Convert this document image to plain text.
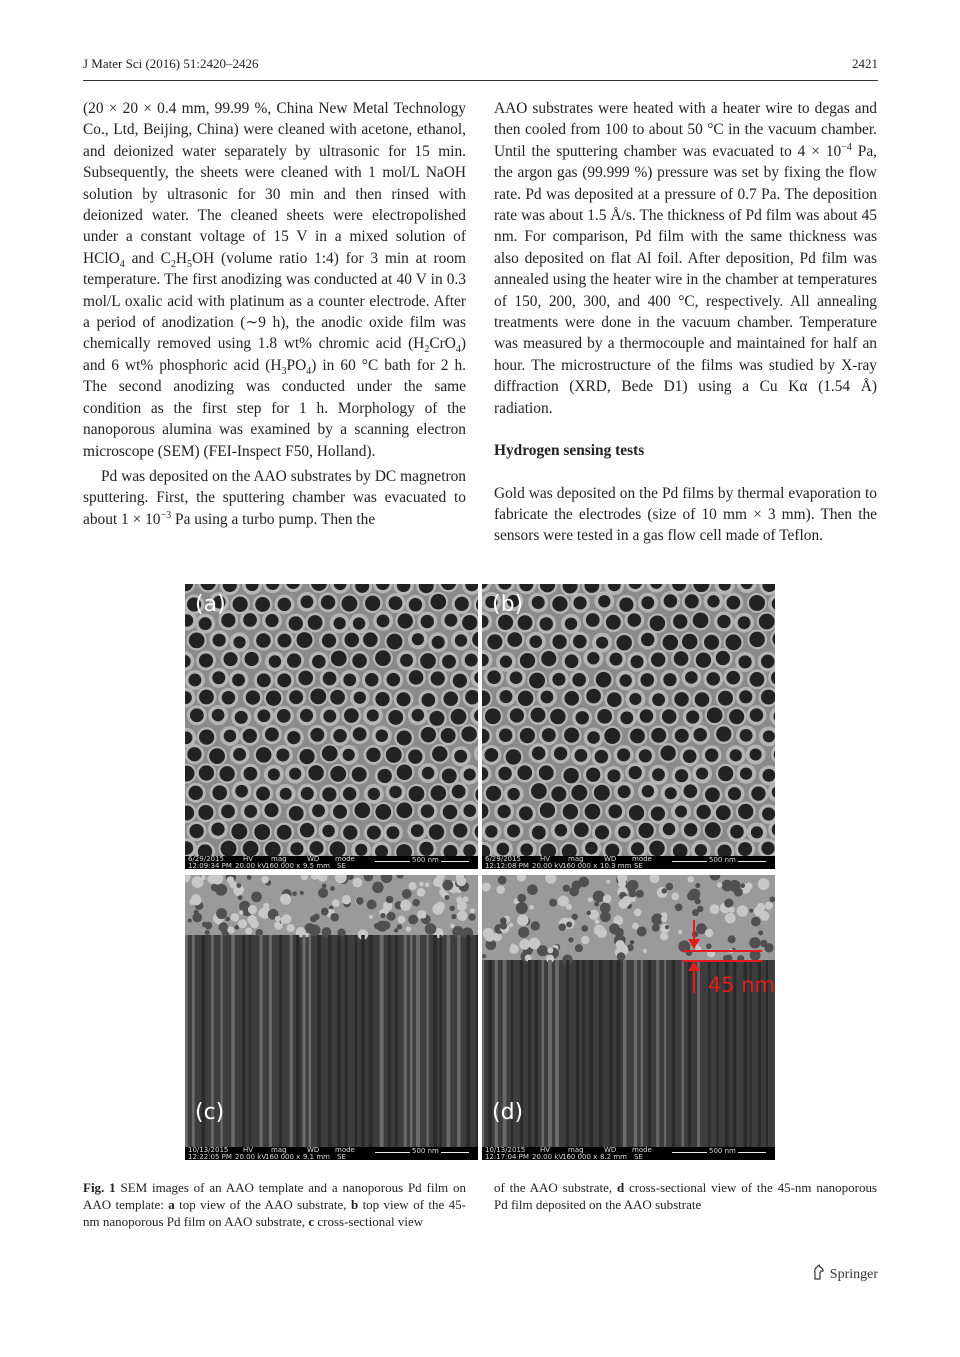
J Mater Sci (2016) 51:2420–2426	2421

(20 × 20 × 0.4 mm, 99.99 %, China New Metal Technology Co., Ltd, Beijing, China) were cleaned with acetone, ethanol, and deionized water separately by ultrasonic for 15 min. Subsequently, the sheets were cleaned with 1 mol/L NaOH solution by ultrasonic for 30 min and then rinsed with deionized water. The cleaned sheets were electropolished under a constant voltage of 15 V in a mixed solution of HClO$_4$ and $C_2H_5OH$ (volume ratio 1:4) for 3 min at room temperature. The first anodizing was conducted at 40 V in 0.3 mol/L oxalic acid with platinum as a counter electrode. After a period of anodization (∼9 h), the anodic oxide film was chemically removed using 1.8 wt% chromic acid $(H_2CrO_4)$ and 6 wt% phosphoric acid $(H_3PO_4)$ in 60 °C bath for 2 h. The second anodizing was conducted under the same condition as the first step for 1 h. Morphology of the nanoporous alumina was examined by a scanning electron microscope (SEM) (FEI-Inspect F50, Holland).

Pd was deposited on the AAO substrates by DC magnetron sputtering. First, the sputtering chamber was evacuated to about $1 \times 10^{-3}$ Pa using a turbo pump. Then the

AAO substrates were heated with a heater wire to degas and then cooled from 100 to about 50 °C in the vacuum chamber. Until the sputtering chamber was evacuated to $4 \times 10^{-4}$ Pa, the argon gas (99.999 %) pressure was set by fixing the flow rate. Pd was deposited at a pressure of 0.7 Pa. The deposition rate was about 1.5 Å/s. The thickness of Pd film was about 45 nm. For comparison, Pd film with the same thickness was also deposited on flat Al foil. After deposition, Pd film was annealed using the heater wire in the chamber at temperatures of 150, 200, 300, and 400 °C, respectively. All annealing treatments were done in the vacuum chamber. Temperature was measured by a thermocouple and maintained for half an hour. The microstructure of the films was studied by X-ray diffraction (XRD, Bede D1) using a Cu Kα (1.54 Å) radiation.

Hydrogen sensing tests

Gold was deposited on the Pd films by thermal evaporation to fabricate the electrodes (size of 10 mm × 3 mm). Then the sensors were tested in a gas flow cell made of Teflon.

(a)
6/29/2015
12:09:34 PM
HV
20.00 kV
mag
160 000 x
WD
9.5 mm
mode
SE
500 nm
(b)
6/29/2015
12:12:08 PM
HV
20.00 kV
mag
160 000 x
WD
10.3 mm
mode
SE
500 nm
(c)
10/13/2015
12:22:05 PM
HV
20.00 kV
mag
160 000 x
WD
9.1 mm
mode
SE
500 nm
(d)
45 nm
10/13/2015
12:17:04 PM
HV
20.00 kV
mag
160 000 x
WD
8.2 mm
mode
SE
500 nm

Fig. 1 SEM images of an AAO template and a nanoporous Pd film on AAO template: a top view of the AAO substrate, b top view of the 45-nm nanoporous Pd film on AAO substrate, c cross-sectional view

of the AAO substrate, d cross-sectional view of the 45-nm nanoporous Pd film deposited on the AAO substrate

Springer
